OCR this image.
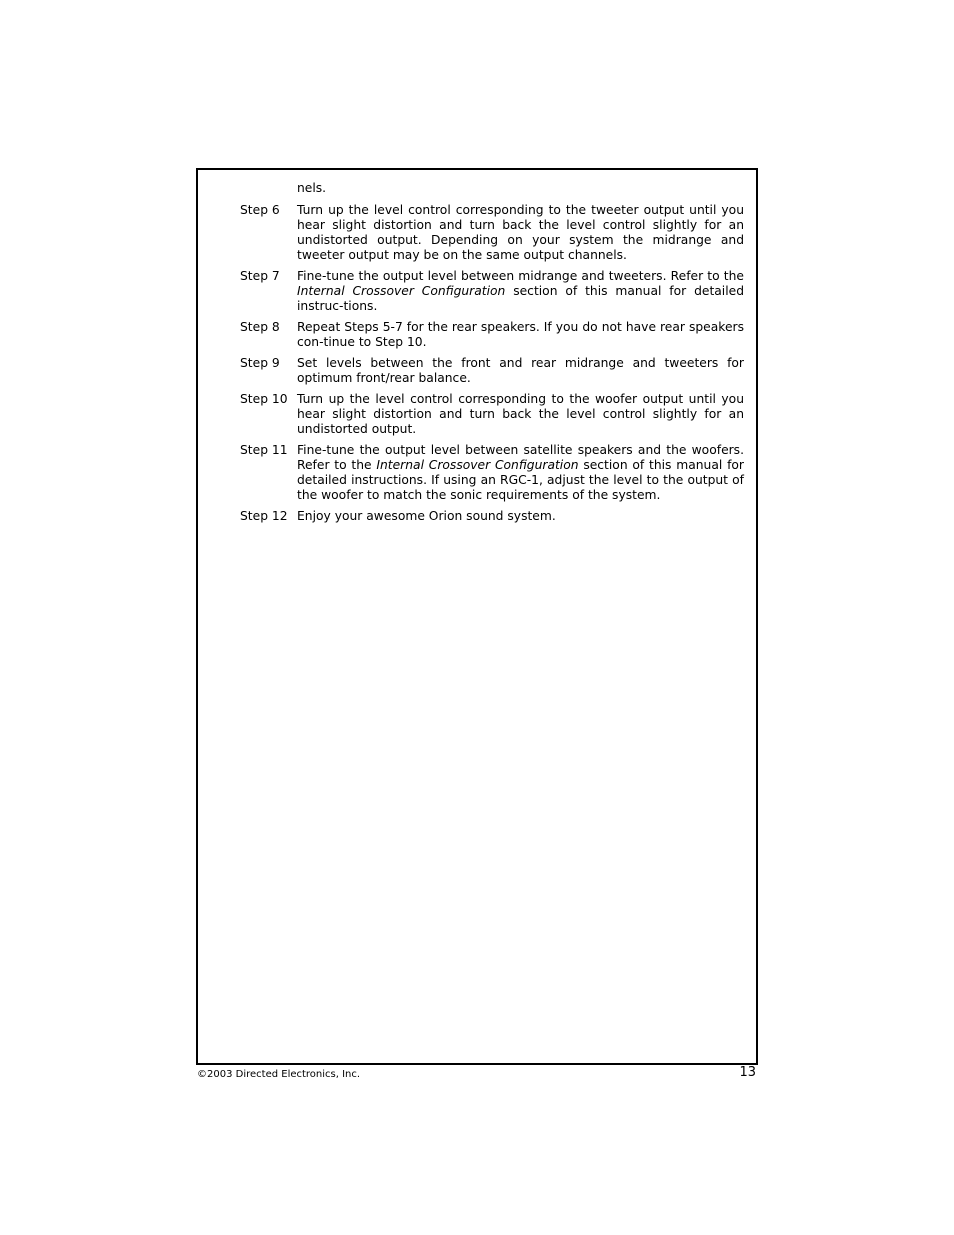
nels.
Step 6	Turn up the level control corresponding to the tweeter output until you hear slight distortion and turn back the level control slightly for an undistorted output. Depending on your system the midrange and tweeter output may be on the same output channels.
Step 7	Fine-tune the output level between midrange and tweeters. Refer to the Internal Crossover Configuration section of this manual for detailed instruc-tions.
Step 8	Repeat Steps 5-7 for the rear speakers. If you do not have rear speakers con-tinue to Step 10.
Step 9	Set levels between the front and rear midrange and tweeters for optimum front/rear balance.
Step 10 Turn up the level control corresponding to the woofer output until you hear slight distortion and turn back the level control slightly for an undistorted output.
Step 11 Fine-tune the output level between satellite speakers and the woofers. Refer to the Internal Crossover Configuration section of this manual for detailed instructions. If using an RGC-1, adjust the level to the output of the woofer to match the sonic requirements of the system.
Step 12 Enjoy your awesome Orion sound system.
©2003 Directed Electronics, Inc.	13
